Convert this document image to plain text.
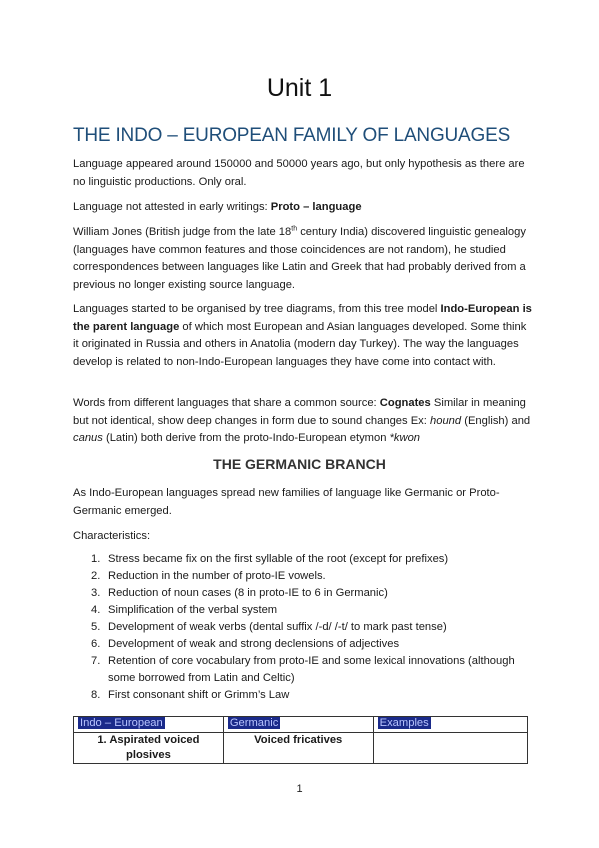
Unit 1
THE INDO – EUROPEAN FAMILY OF LANGUAGES

Language appeared around 150000 and 50000 years ago, but only hypothesis as there are no linguistic productions. Only oral.

Language not attested in early writings: Proto – language

William Jones (British judge from the late 18th century India) discovered linguistic genealogy (languages have common features and those coincidences are not random), he studied correspondences between languages like Latin and Greek that had probably derived from a previous no longer existing source language.

Languages started to be organised by tree diagrams, from this tree model Indo-European is the parent language of which most European and Asian languages developed. Some think it originated in Russia and others in Anatolia (modern day Turkey). The way the languages develop is related to non-Indo-European languages they have come into contact with.

Words from different languages that share a common source: Cognates Similar in meaning but not identical, show deep changes in form due to sound changes Ex: hound (English) and canus (Latin) both derive from the proto-Indo-European etymon *kwon

THE GERMANIC BRANCH

As Indo-European languages spread new families of language like Germanic or Proto-Germanic emerged.

Characteristics:

1. Stress became fix on the first syllable of the root (except for prefixes)
2. Reduction in the number of proto-IE vowels.
3. Reduction of noun cases (8 in proto-IE to 6 in Germanic)
4. Simplification of the verbal system
5. Development of weak verbs (dental suffix /-d/ /-t/ to mark past tense)
6. Development of weak and strong declensions of adjectives
7. Retention of core vocabulary from proto-IE and some lexical innovations (although some borrowed from Latin and Celtic)
8. First consonant shift or Grimm’s Law
Indo – European	Germanic	Examples
1. Aspirated voiced plosives	Voiced fricatives	
1
